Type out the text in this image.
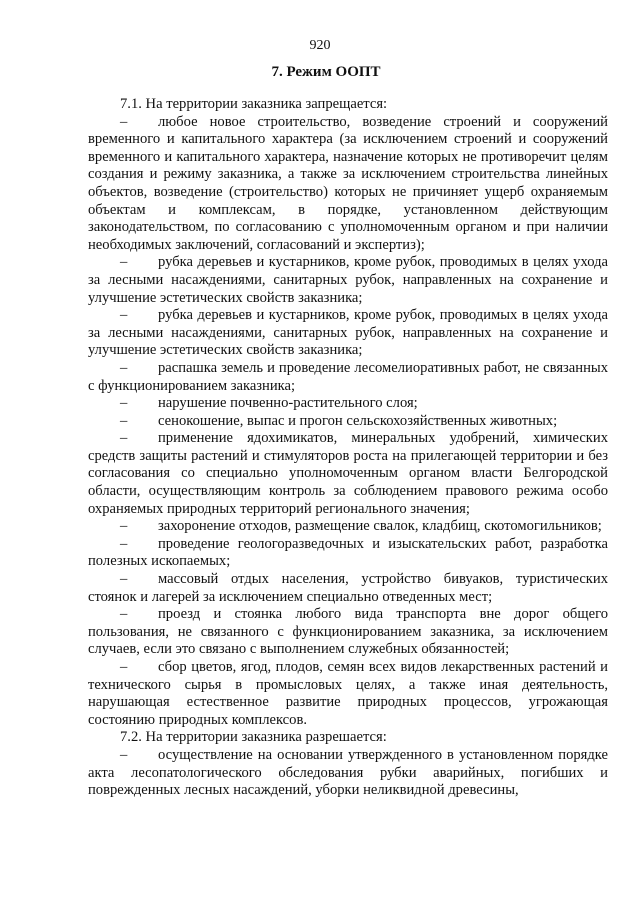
920
7. Режим ООПТ

7.1. На территории заказника запрещается:

– любое новое строительство, возведение строений и сооружений временного и капитального характера (за исключением строений и сооружений временного и капитального характера, назначение которых не противоречит целям создания и режиму заказника, а также за исключением строительства линейных объектов, возведение (строительство) которых не причиняет ущерб охраняемым объектам и комплексам, в порядке, установленном действующим законодательством, по согласованию с уполномоченным органом и при наличии необходимых заключений, согласований и экспертиз);

– рубка деревьев и кустарников, кроме рубок, проводимых в целях ухода за лесными насаждениями, санитарных рубок, направленных на сохранение и улучшение эстетических свойств заказника;

– рубка деревьев и кустарников, кроме рубок, проводимых в целях ухода за лесными насаждениями, санитарных рубок, направленных на сохранение и улучшение эстетических свойств заказника;

– распашка земель и проведение лесомелиоративных работ, не связанных с функционированием заказника;

– нарушение почвенно-растительного слоя;

– сенокошение, выпас и прогон сельскохозяйственных животных;

– применение ядохимикатов, минеральных удобрений, химических средств защиты растений и стимуляторов роста на прилегающей территории и без согласования со специально уполномоченным органом власти Белгородской области, осуществляющим контроль за соблюдением правового режима особо охраняемых природных территорий регионального значения;

– захоронение отходов, размещение свалок, кладбищ, скотомогильников;

– проведение геологоразведочных и изыскательских работ, разработка полезных ископаемых;

– массовый отдых населения, устройство бивуаков, туристических стоянок и лагерей за исключением специально отведенных мест;

– проезд и стоянка любого вида транспорта вне дорог общего пользования, не связанного с функционированием заказника, за исключением случаев, если это связано с выполнением служебных обязанностей;

– сбор цветов, ягод, плодов, семян всех видов лекарственных растений и технического сырья в промысловых целях, а также иная деятельность, нарушающая естественное развитие природных процессов, угрожающая состоянию природных комплексов.

7.2. На территории заказника разрешается:

– осуществление на основании утвержденного в установленном порядке акта лесопатологического обследования рубки аварийных, погибших и поврежденных лесных насаждений, уборки неликвидной древесины,
